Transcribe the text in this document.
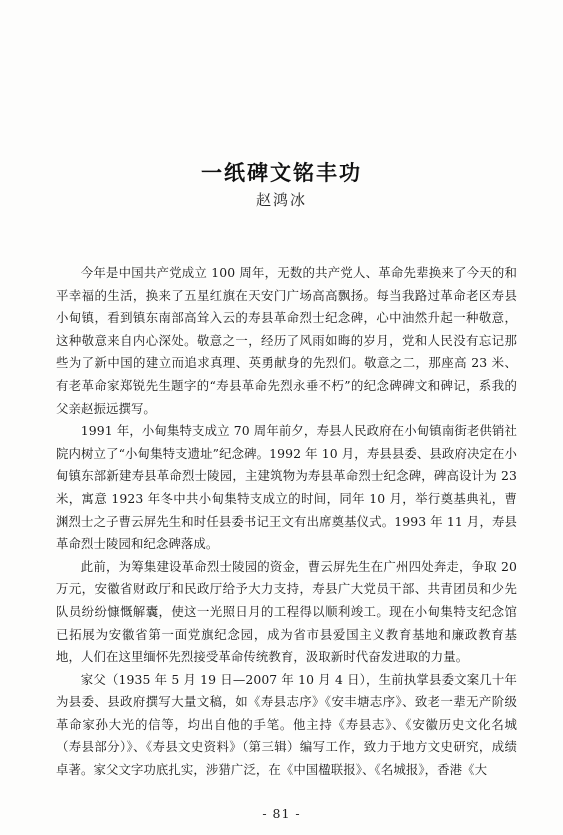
一纸碑文铭丰功
赵鸿冰

今年是中国共产党成立 100 周年，无数的共产党人、革命先辈换来了今天的和平幸福的生活，换来了五星红旗在天安门广场高高飘扬。每当我路过革命老区寿县小甸镇，看到镇东南部高耸入云的寿县革命烈士纪念碑，心中油然升起一种敬意，这种敬意来自内心深处。敬意之一，经历了风雨如晦的岁月，党和人民没有忘记那些为了新中国的建立而追求真理、英勇献身的先烈们。敬意之二，那座高 23 米、有老革命家郑锐先生题字的“寿县革命先烈永垂不朽”的纪念碑碑文和碑记，系我的父亲赵振远撰写。

1991 年，小甸集特支成立 70 周年前夕，寿县人民政府在小甸镇南街老供销社院内树立了“小甸集特支遗址”纪念碑。1992 年 10 月，寿县县委、县政府决定在小甸镇东部新建寿县革命烈士陵园，主建筑物为寿县革命烈士纪念碑，碑高设计为 23 米，寓意 1923 年冬中共小甸集特支成立的时间，同年 10 月，举行奠基典礼，曹渊烈士之子曹云屏先生和时任县委书记王文有出席奠基仪式。1993 年 11 月，寿县革命烈士陵园和纪念碑落成。

此前，为筹集建设革命烈士陵园的资金，曹云屏先生在广州四处奔走，争取 20 万元，安徽省财政厅和民政厅给予大力支持，寿县广大党员干部、共青团员和少先队员纷纷慷慨解囊，使这一光照日月的工程得以顺利竣工。现在小甸集特支纪念馆已拓展为安徽省第一面党旗纪念园，成为省市县爱国主义教育基地和廉政教育基地，人们在这里缅怀先烈接受革命传统教育，汲取新时代奋发进取的力量。

家父（1935 年 5 月 19 日—2007 年 10 月 4 日），生前执掌县委文案几十年为县委、县政府撰写大量文稿，如《寿县志序》《安丰塘志序》、致老一辈无产阶级革命家孙大光的信等，均出自他的手笔。他主持《寿县志》、《安徽历史文化名城（寿县部分）》、《寿县文史资料》（第三辑）编写工作，致力于地方文史研究，成绩卓著。家父文字功底扎实，涉猎广泛，在《中国楹联报》、《名城报》，香港《大

- 81 -
